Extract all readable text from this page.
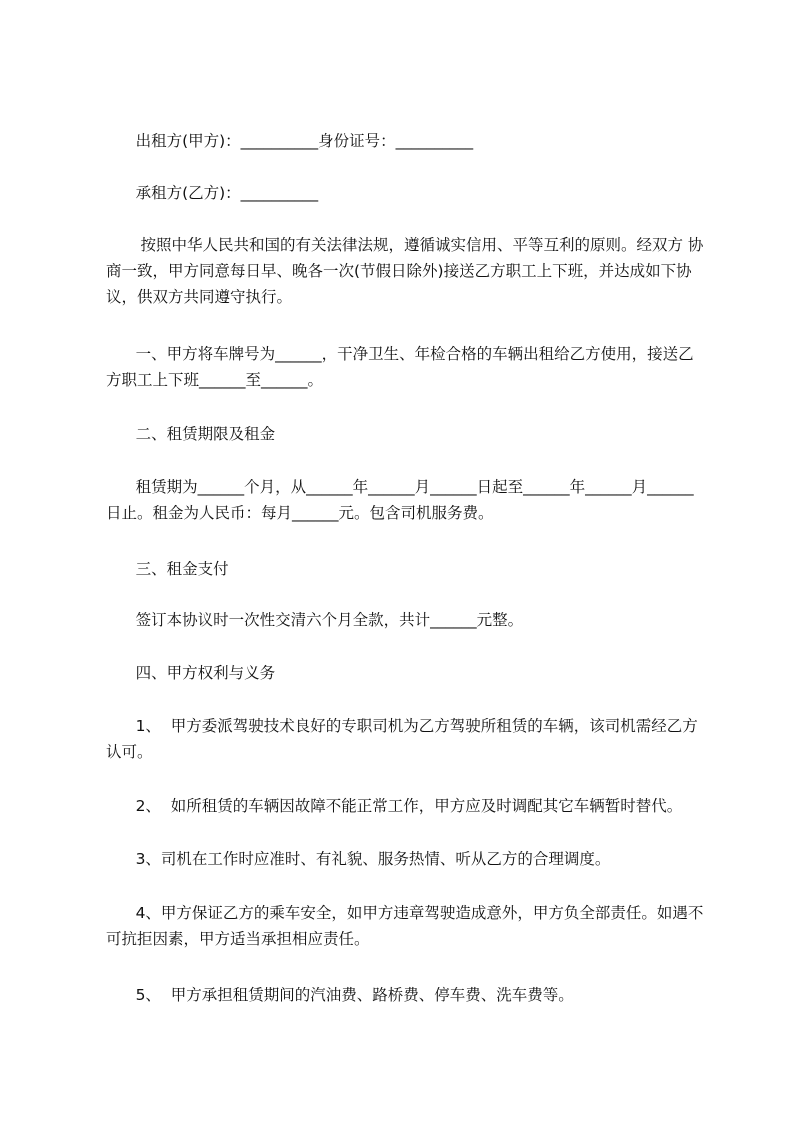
出租方(甲方)：__________身份证号：__________

承租方(乙方)：__________

按照中华人民共和国的有关法律法规，遵循诚实信用、平等互利的原则。经双方 协商一致，甲方同意每日早、晚各一次(节假日除外)接送乙方职工上下班，并达成如下协议，供双方共同遵守执行。

一、甲方将车牌号为______，干净卫生、年检合格的车辆出租给乙方使用，接送乙方职工上下班______至______。

二、租赁期限及租金

租赁期为______个月，从______年______月______日起至______年______月______日止。租金为人民币：每月______元。包含司机服务费。

三、租金支付

签订本协议时一次性交清六个月全款，共计______元整。

四、甲方权利与义务

1、  甲方委派驾驶技术良好的专职司机为乙方驾驶所租赁的车辆，该司机需经乙方认可。

2、  如所租赁的车辆因故障不能正常工作，甲方应及时调配其它车辆暂时替代。

3、司机在工作时应准时、有礼貌、服务热情、听从乙方的合理调度。

4、甲方保证乙方的乘车安全，如甲方违章驾驶造成意外，甲方负全部责任。如遇不可抗拒因素，甲方适当承担相应责任。

5、  甲方承担租赁期间的汽油费、路桥费、停车费、洗车费等。
